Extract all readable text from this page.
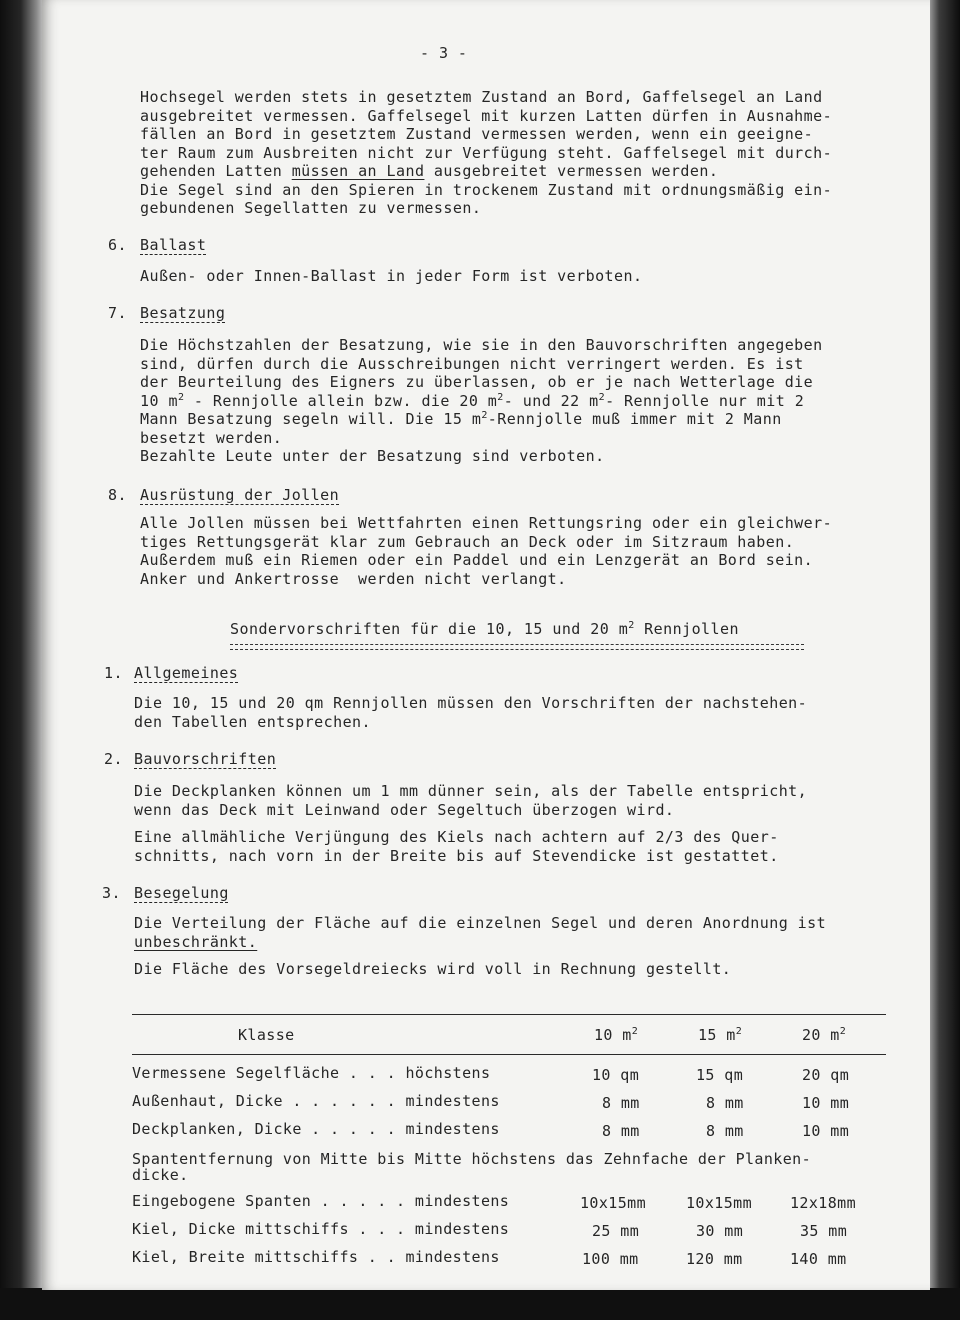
- 3 -

Hochsegel werden stets in gesetztem Zustand an Bord, Gaffelsegel an Land

ausgebreitet vermessen. Gaffelsegel mit kurzen Latten dürfen in Ausnahme-

fällen an Bord in gesetztem Zustand vermessen werden, wenn ein geeigne-

ter Raum zum Ausbreiten nicht zur Verfügung steht. Gaffelsegel mit durch-

gehenden Latten müssen an Land ausgebreitet vermessen werden.

Die Segel sind an den Spieren in trockenem Zustand mit ordnungsmäßig ein-

gebundenen Segellatten zu vermessen.

6. Ballast

Außen- oder Innen-Ballast in jeder Form ist verboten.

7. Besatzung

Die Höchstzahlen der Besatzung, wie sie in den Bauvorschriften angegeben

sind, dürfen durch die Ausschreibungen nicht verringert werden. Es ist

der Beurteilung des Eigners zu überlassen, ob er je nach Wetterlage die

10 $m^2$ - Rennjolle allein bzw. die 20 $m^2-$ und 22 $m^2-$ Rennjolle nur mit 2

Mann Besatzung segeln will. Die 15 $m^2$-Rennjolle muß immer mit 2 Mann

besetzt werden.

Bezahlte Leute unter der Besatzung sind verboten.

8. Ausrüstung der Jollen

Alle Jollen müssen bei Wettfahrten einen Rettungsring oder ein gleichwer-

tiges Rettungsgerät klar zum Gebrauch an Deck oder im Sitzraum haben.

Außerdem muß ein Riemen oder ein Paddel und ein Lenzgerät an Bord sein.

Anker und Ankertrosse  werden nicht verlangt.

Sondervorschriften für die 10, 15 und 20 $m^2$ Rennjollen

1. Allgemeines

Die 10, 15 und 20 qm Rennjollen müssen den Vorschriften der nachstehen-

den Tabellen entsprechen.

2. Bauvorschriften

Die Deckplanken können um 1 mm dünner sein, als der Tabelle entspricht,

wenn das Deck mit Leinwand oder Segeltuch überzogen wird.

Eine allmähliche Verjüngung des Kiels nach achtern auf 2/3 des Quer-

schnitts, nach vorn in der Breite bis auf Stevendicke ist gestattet.

3. Besegelung

Die Verteilung der Fläche auf die einzelnen Segel und deren Anordnung ist

unbeschränkt.

Die Fläche des Vorsegeldreiecks wird voll in Rechnung gestellt.

Klasse	10 $m^2$	15 $m^2$	20 $m^2$

Vermessene Segelfläche . . . höchstens	10 qm	15 qm	20 qm

Außenhaut, Dicke . . . . . . mindestens	8 mm	8 mm	10 mm

Deckplanken, Dicke . . . . . mindestens	8 mm	8 mm	10 mm

Spantentfernung von Mitte bis Mitte höchstens das Zehnfache der Planken-

dicke.

Eingebogene Spanten . . . . . mindestens	10x15mm	10x15mm	12x18mm

Kiel, Dicke mittschiffs . . . mindestens	25 mm	30 mm	35 mm

Kiel, Breite mittschiffs . . mindestens	100 mm	120 mm	140 mm
